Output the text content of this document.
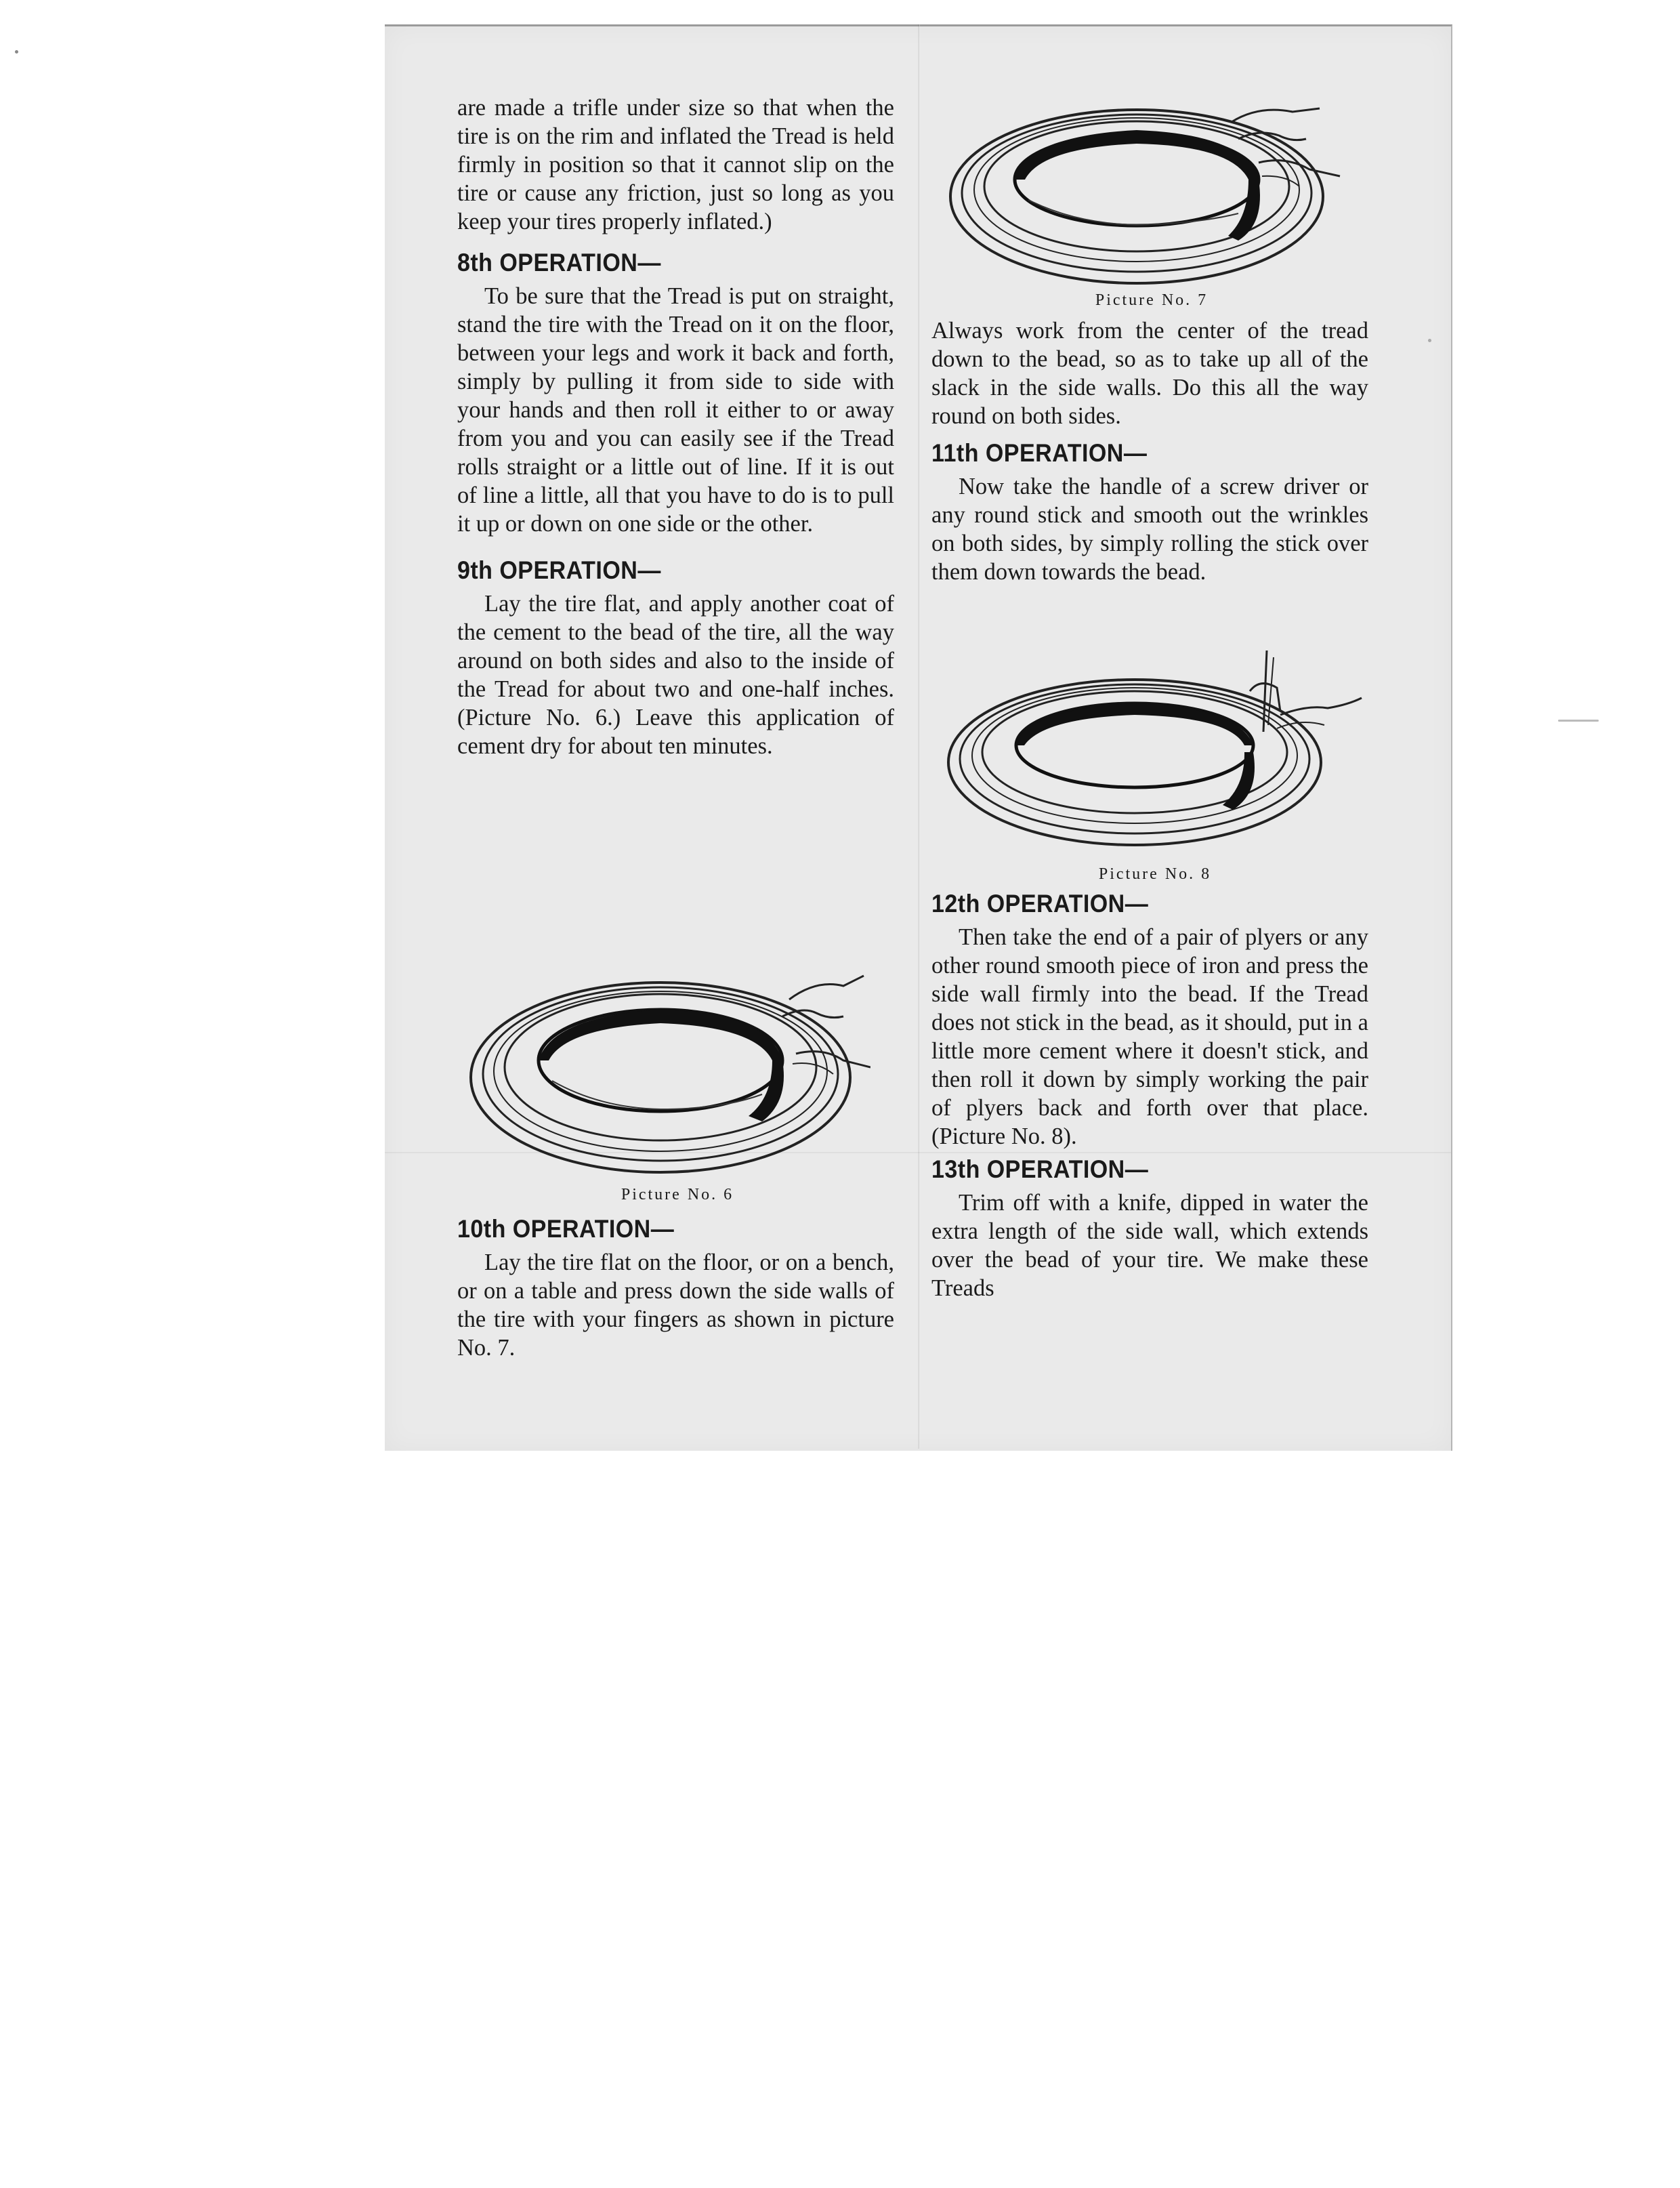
are made a trifle under size so that when the tire is on the rim and inflated the Tread is held firmly in position so that it cannot slip on the tire or cause any friction, just so long as you keep your tires properly inflated.)

8th OPERATION—

To be sure that the Tread is put on straight, stand the tire with the Tread on it on the floor, between your legs and work it back and forth, simply by pulling it from side to side with your hands and then roll it either to or away from you and you can easily see if the Tread rolls straight or a little out of line. If it is out of line a little, all that you have to do is to pull it up or down on one side or the other.

9th OPERATION—

Lay the tire flat, and apply another coat of the cement to the bead of the tire, all the way around on both sides and also to the inside of the Tread for about two and one-half inches. (Picture No. 6.) Leave this application of cement dry for about ten minutes.

Picture No. 6
10th OPERATION—

Lay the tire flat on the floor, or on a bench, or on a table and press down the side walls of the tire with your fingers as shown in picture No. 7.

Picture No. 7

Always work from the center of the tread down to the bead, so as to take up all of the slack in the side walls. Do this all the way round on both sides.

11th OPERATION—

Now take the handle of a screw driver or any round stick and smooth out the wrinkles on both sides, by simply rolling the stick over them down towards the bead.

Picture No. 8
12th OPERATION—

Then take the end of a pair of plyers or any other round smooth piece of iron and press the side wall firmly into the bead. If the Tread does not stick in the bead, as it should, put in a little more cement where it doesn't stick, and then roll it down by simply working the pair of plyers back and forth over that place. (Picture No. 8).

13th OPERATION—

Trim off with a knife, dipped in water the extra length of the side wall, which extends over the bead of your tire. We make these Treads
